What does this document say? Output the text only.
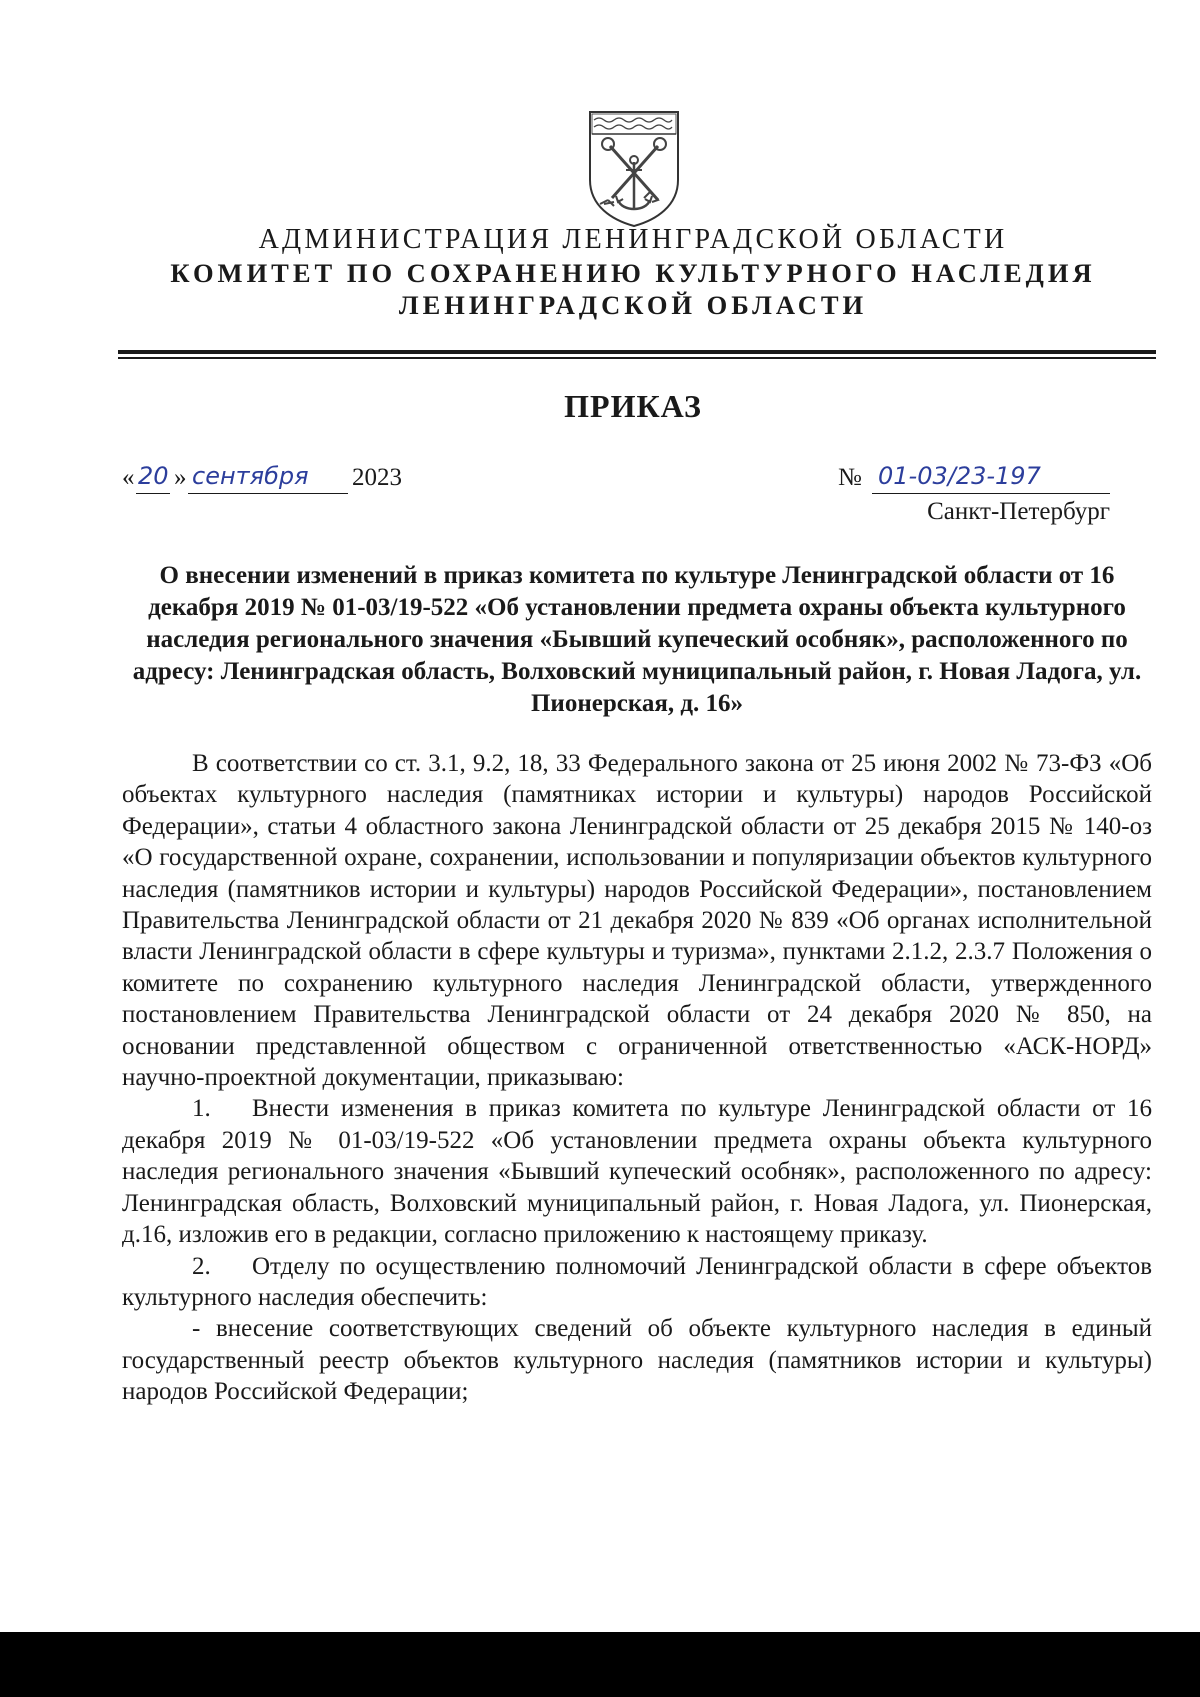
АДМИНИСТРАЦИЯ ЛЕНИНГРАДСКОЙ ОБЛАСТИ
КОМИТЕТ ПО СОХРАНЕНИЮ КУЛЬТУРНОГО НАСЛЕДИЯ
ЛЕНИНГРАДСКОЙ ОБЛАСТИ
ПРИКАЗ
« 20 » сентября 2023	№ 01-03/23-197
Санкт-Петербург
О внесении изменений в приказ комитета по культуре Ленинградской области от 16 декабря 2019 № 01-03/19-522 «Об установлении предмета охраны объекта культурного наследия регионального значения «Бывший купеческий особняк», расположенного по адресу: Ленинградская область, Волховский муниципальный район, г. Новая Ладога, ул. Пионерская, д. 16»

В соответствии со ст. 3.1, 9.2, 18, 33 Федерального закона от 25 июня 2002 № 73-ФЗ «Об объектах культурного наследия (памятниках истории и культуры) народов Российской Федерации», статьи 4 областного закона Ленинградской области от 25 декабря 2015 № 140-оз «О государственной охране, сохранении, использовании и популяризации объектов культурного наследия (памятников истории и культуры) народов Российской Федерации», постановлением Правительства Ленинградской области от 21 декабря 2020 № 839 «Об органах исполнительной власти Ленинградской области в сфере культуры и туризма», пунктами 2.1.2, 2.3.7 Положения о комитете по сохранению культурного наследия Ленинградской области, утвержденного постановлением Правительства Ленинградской области от 24 декабря 2020 № 850, на основании представленной обществом с ограниченной ответственностью «АСК-НОРД» научно-проектной документации, приказываю:

1. Внести изменения в приказ комитета по культуре Ленинградской области от 16 декабря 2019 № 01-03/19-522 «Об установлении предмета охраны объекта культурного наследия регионального значения «Бывший купеческий особняк», расположенного по адресу: Ленинградская область, Волховский муниципальный район, г. Новая Ладога, ул. Пионерская, д.16, изложив его в редакции, согласно приложению к настоящему приказу.

2. Отделу по осуществлению полномочий Ленинградской области в сфере объектов культурного наследия обеспечить:

- внесение соответствующих сведений об объекте культурного наследия в единый государственный реестр объектов культурного наследия (памятников истории и культуры) народов Российской Федерации;
